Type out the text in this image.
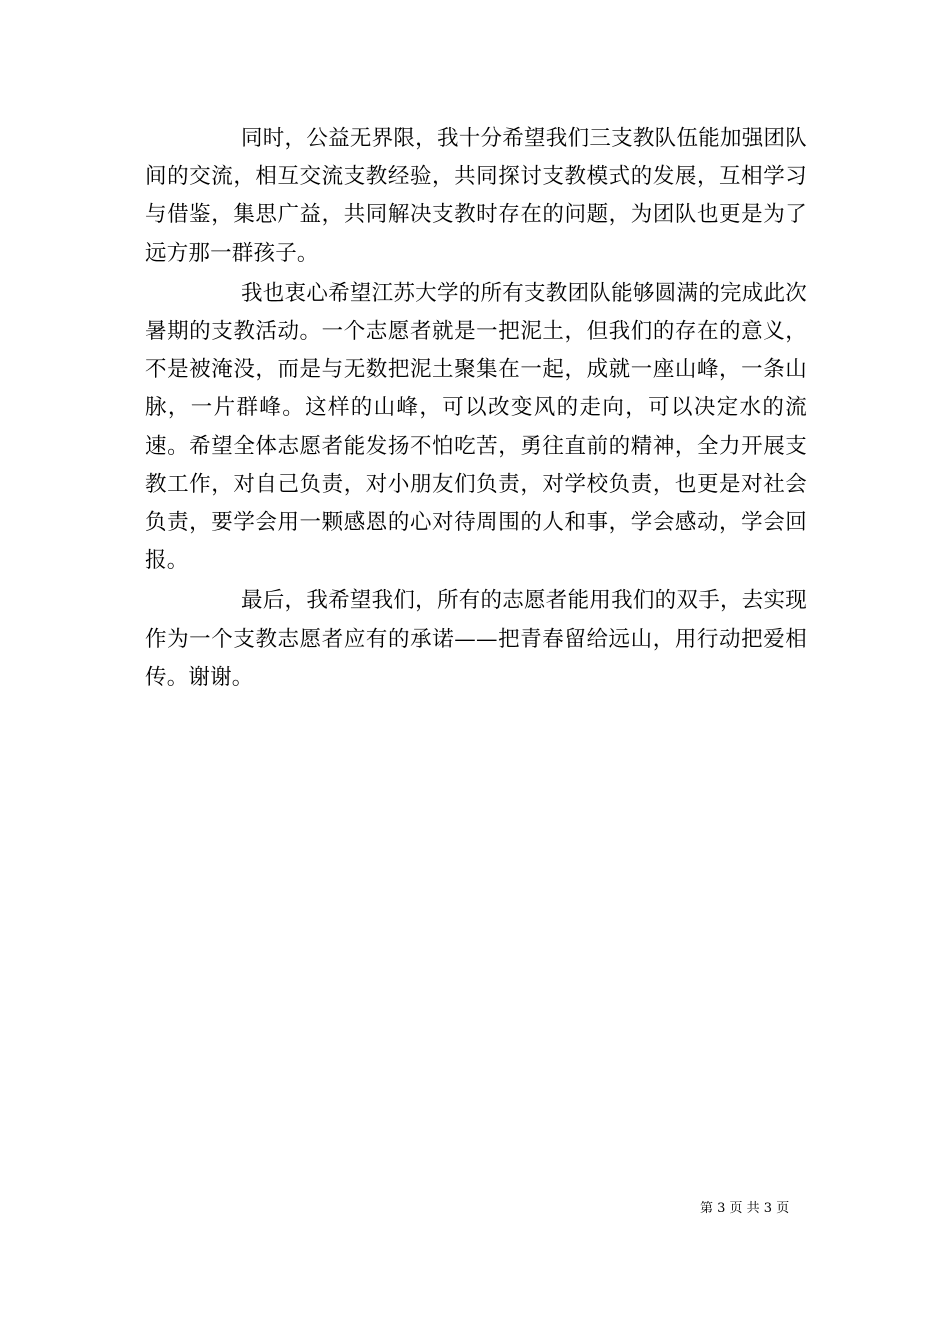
同时，公益无界限，我十分希望我们三支教队伍能加强团队间的交流，相互交流支教经验，共同探讨支教模式的发展，互相学习与借鉴，集思广益，共同解决支教时存在的问题，为团队也更是为了远方那一群孩子。

我也衷心希望江苏大学的所有支教团队能够圆满的完成此次暑期的支教活动。一个志愿者就是一把泥土，但我们的存在的意义，不是被淹没，而是与无数把泥土聚集在一起，成就一座山峰，一条山脉，一片群峰。这样的山峰，可以改变风的走向，可以决定水的流速。希望全体志愿者能发扬不怕吃苦，勇往直前的精神，全力开展支教工作，对自己负责，对小朋友们负责，对学校负责，也更是对社会负责，要学会用一颗感恩的心对待周围的人和事，学会感动，学会回报。

最后，我希望我们，所有的志愿者能用我们的双手，去实现作为一个支教志愿者应有的承诺——把青春留给远山，用行动把爱相传。谢谢。

第 3 页 共 3 页
